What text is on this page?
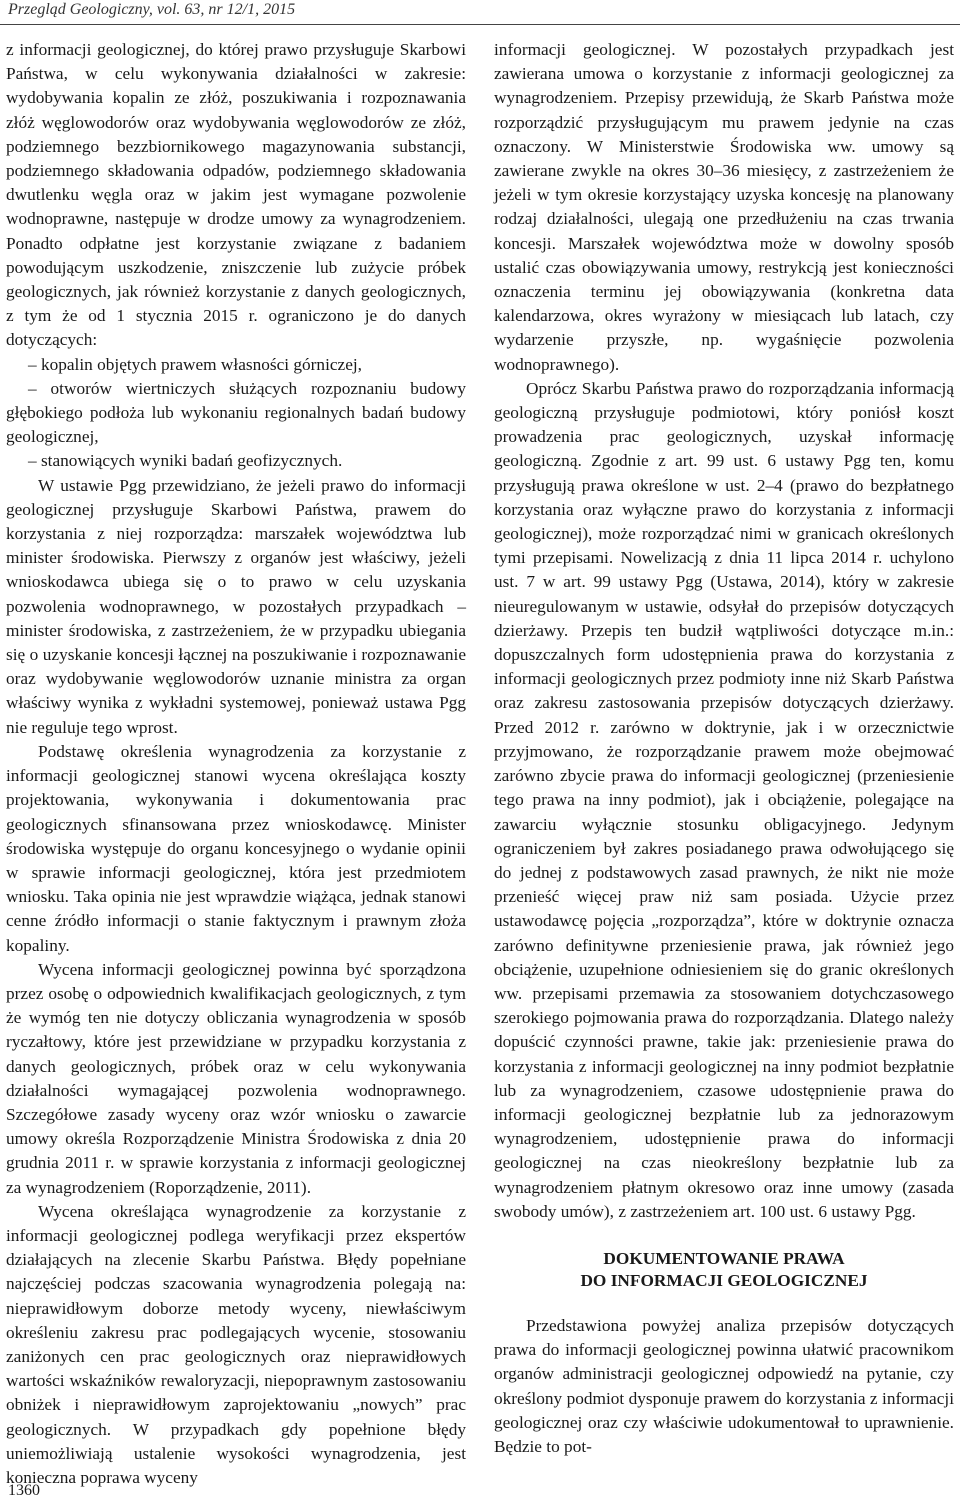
Przegląd Geologiczny, vol. 63, nr 12/1, 2015

z informacji geologicznej, do której prawo przysługuje Skarbowi Państwa, w celu wykonywania działalności w zakresie: wydobywania kopalin ze złóż, poszukiwania i rozpoznawania złóż węglowodorów oraz wydobywania węglowodorów ze złóż, podziemnego bezzbiornikowego magazynowania substancji, podziemnego składowania odpadów, podziemnego składowania dwutlenku węgla oraz w jakim jest wymagane pozwolenie wodnoprawne, następuje w drodze umowy za wynagrodzeniem. Ponadto odpłatne jest korzystanie związane z badaniem powodującym uszkodzenie, zniszczenie lub zużycie próbek geologicznych, jak również korzystanie z danych geologicznych, z tym że od 1 stycznia 2015 r. ograniczono je do danych dotyczących:

– kopalin objętych prawem własności górniczej,

– otworów wiertniczych służących rozpoznaniu budowy głębokiego podłoża lub wykonaniu regionalnych badań budowy geologicznej,

– stanowiących wyniki badań geofizycznych.

W ustawie Pgg przewidziano, że jeżeli prawo do informacji geologicznej przysługuje Skarbowi Państwa, prawem do korzystania z niej rozporządza: marszałek województwa lub minister środowiska. Pierwszy z organów jest właściwy, jeżeli wnioskodawca ubiega się o to prawo w celu uzyskania pozwolenia wodnoprawnego, w pozostałych przypadkach – minister środowiska, z zastrzeżeniem, że w przypadku ubiegania się o uzyskanie koncesji łącznej na poszukiwanie i rozpoznawanie oraz wydobywanie węglowodorów uznanie ministra za organ właściwy wynika z wykładni systemowej, ponieważ ustawa Pgg nie reguluje tego wprost.

Podstawę określenia wynagrodzenia za korzystanie z informacji geologicznej stanowi wycena określająca koszty projektowania, wykonywania i dokumentowania prac geologicznych sfinansowana przez wnioskodawcę. Minister środowiska występuje do organu koncesyjnego o wydanie opinii w sprawie informacji geologicznej, która jest przedmiotem wniosku. Taka opinia nie jest wprawdzie wiążąca, jednak stanowi cenne źródło informacji o stanie faktycznym i prawnym złoża kopaliny.

Wycena informacji geologicznej powinna być sporządzona przez osobę o odpowiednich kwalifikacjach geologicznych, z tym że wymóg ten nie dotyczy obliczania wynagrodzenia w sposób ryczałtowy, które jest przewidziane w przypadku korzystania z danych geologicznych, próbek oraz w celu wykonywania działalności wymagającej pozwolenia wodnoprawnego. Szczegółowe zasady wyceny oraz wzór wniosku o zawarcie umowy określa Rozporządzenie Ministra Środowiska z dnia 20 grudnia 2011 r. w sprawie korzystania z informacji geologicznej za wynagrodzeniem (Roporządzenie, 2011).

Wycena określająca wynagrodzenie za korzystanie z informacji geologicznej podlega weryfikacji przez ekspertów działających na zlecenie Skarbu Państwa. Błędy popełniane najczęściej podczas szacowania wynagrodzenia polegają na: nieprawidłowym doborze metody wyceny, niewłaściwym określeniu zakresu prac podlegających wycenie, stosowaniu zaniżonych cen prac geologicznych oraz nieprawidłowych wartości wskaźników rewaloryzacji, niepoprawnym zastosowaniu obniżek i nieprawidłowym zaprojektowaniu „nowych” prac geologicznych. W przypadkach gdy popełnione błędy uniemożliwiają ustalenie wysokości wynagrodzenia, jest konieczna poprawa wyceny

informacji geologicznej. W pozostałych przypadkach jest zawierana umowa o korzystanie z informacji geologicznej za wynagrodzeniem. Przepisy przewidują, że Skarb Państwa może rozporządzić przysługującym mu prawem jedynie na czas oznaczony. W Ministerstwie Środowiska ww. umowy są zawierane zwykle na okres 30–36 miesięcy, z zastrzeżeniem że jeżeli w tym okresie korzystający uzyska koncesję na planowany rodzaj działalności, ulegają one przedłużeniu na czas trwania koncesji. Marszałek województwa może w dowolny sposób ustalić czas obowiązywania umowy, restrykcją jest konieczności oznaczenia terminu jej obowiązywania (konkretna data kalendarzowa, okres wyrażony w miesiącach lub latach, czy wydarzenie przyszłe, np. wygaśnięcie pozwolenia wodnoprawnego).

Oprócz Skarbu Państwa prawo do rozporządzania informacją geologiczną przysługuje podmiotowi, który poniósł koszt prowadzenia prac geologicznych, uzyskał informację geologiczną. Zgodnie z art. 99 ust. 6 ustawy Pgg ten, komu przysługują prawa określone w ust. 2–4 (prawo do bezpłatnego korzystania oraz wyłączne prawo do korzystania z informacji geologicznej), może rozporządzać nimi w granicach określonych tymi przepisami. Nowelizacją z dnia 11 lipca 2014 r. uchylono ust. 7 w art. 99 ustawy Pgg (Ustawa, 2014), który w zakresie nieuregulowanym w ustawie, odsyłał do przepisów dotyczących dzierżawy. Przepis ten budził wątpliwości dotyczące m.in.: dopuszczalnych form udostępnienia prawa do korzystania z informacji geologicznych przez podmioty inne niż Skarb Państwa oraz zakresu zastosowania przepisów dotyczących dzierżawy. Przed 2012 r. zarówno w doktrynie, jak i w orzecznictwie przyjmowano, że rozporządzanie prawem może obejmować zarówno zbycie prawa do informacji geologicznej (przeniesienie tego prawa na inny podmiot), jak i obciążenie, polegające na zawarciu wyłącznie stosunku obligacyjnego. Jedynym ograniczeniem był zakres posiadanego prawa odwołującego się do jednej z podstawowych zasad prawnych, że nikt nie może przenieść więcej praw niż sam posiada. Użycie przez ustawodawcę pojęcia „rozporządza”, które w doktrynie oznacza zarówno definitywne przeniesienie prawa, jak również jego obciążenie, uzupełnione odniesieniem się do granic określonych ww. przepisami przemawia za stosowaniem dotychczasowego szerokiego pojmowania prawa do rozporządzania. Dlatego należy dopuścić czynności prawne, takie jak: przeniesienie prawa do korzystania z informacji geologicznej na inny podmiot bezpłatnie lub za wynagrodzeniem, czasowe udostępnienie prawa do informacji geologicznej bezpłatnie lub za jednorazowym wynagrodzeniem, udostępnienie prawa do informacji geologicznej na czas nieokreślony bezpłatnie lub za wynagrodzeniem płatnym okresowo oraz inne umowy (zasada swobody umów), z zastrzeżeniem art. 100 ust. 6 ustawy Pgg.

DOKUMENTOWANIE PRAWA
DO INFORMACJI GEOLOGICZNEJ

Przedstawiona powyżej analiza przepisów dotyczących prawa do informacji geologicznej powinna ułatwić pracownikom organów administracji geologicznej odpowiedź na pytanie, czy określony podmiot dysponuje prawem do korzystania z informacji geologicznej oraz czy właściwie udokumentował to uprawnienie. Będzie to pot-

1360
